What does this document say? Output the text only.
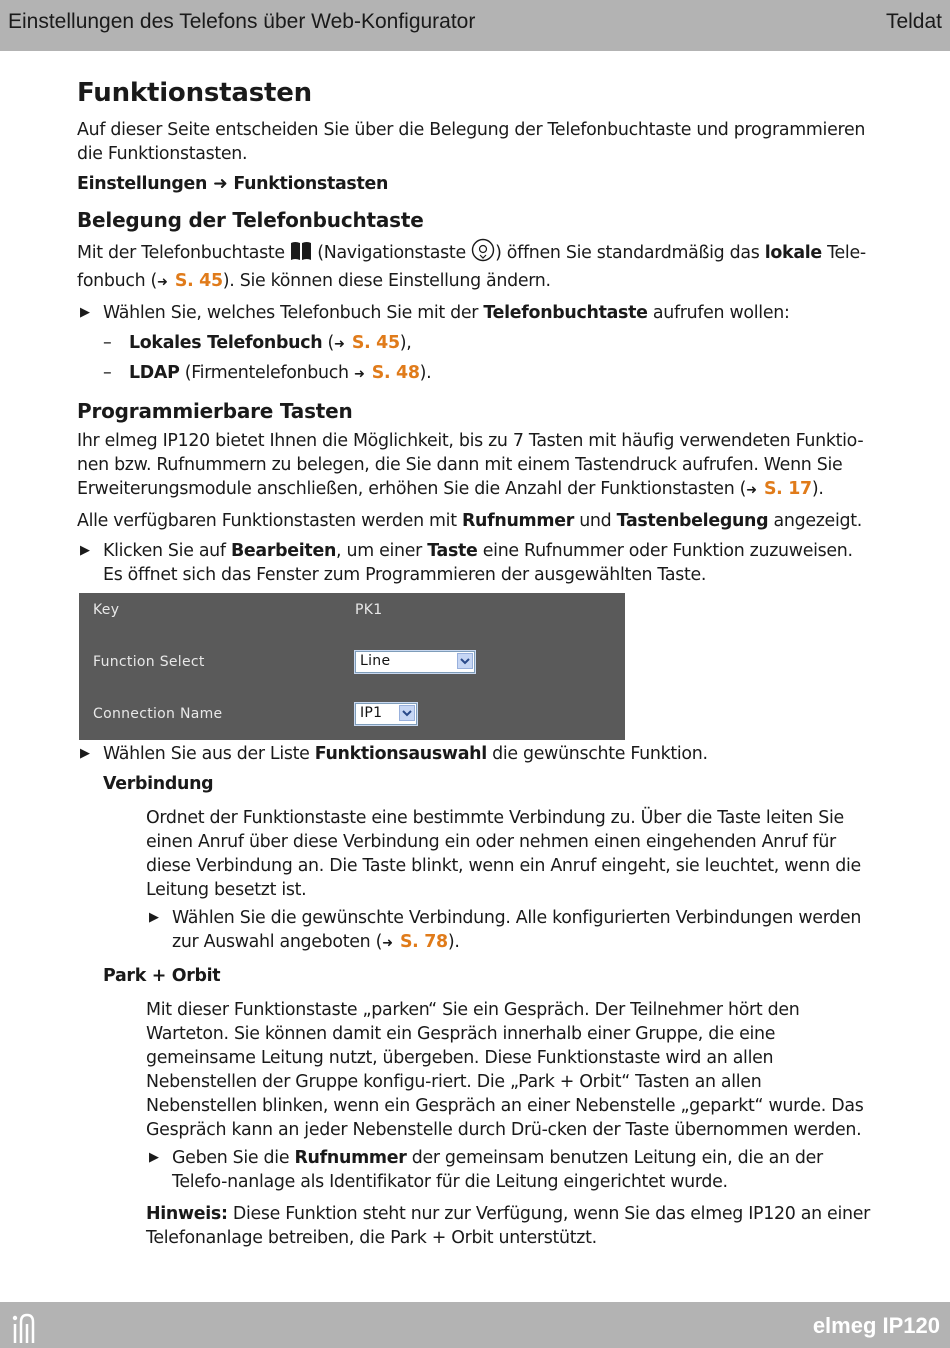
Einstellungen des Telefons über Web-Konfigurator	Teldat
Funktionstasten

Auf dieser Seite entscheiden Sie über die Belegung der Telefonbuchtaste und programmieren die Funktionstasten.

Einstellungen ➜ Funktionstasten
Belegung der Telefonbuchtaste

Mit der Telefonbuchtaste (Navigationstaste ) öffnen Sie standardmäßig das lokale Tele-fonbuch (➜ S. 45). Sie können diese Einstellung ändern.

▶ Wählen Sie, welches Telefonbuch Sie mit der Telefonbuchtaste aufrufen wollen:
– Lokales Telefonbuch (➜ S. 45),
– LDAP (Firmentelefonbuch ➜ S. 48).
Programmierbare Tasten

Ihr elmeg IP120 bietet Ihnen die Möglichkeit, bis zu 7 Tasten mit häufig verwendeten Funktio-nen bzw. Rufnummern zu belegen, die Sie dann mit einem Tastendruck aufrufen. Wenn Sie Erweiterungsmodule anschließen, erhöhen Sie die Anzahl der Funktionstasten (➜ S. 17).

Alle verfügbaren Funktionstasten werden mit Rufnummer und Tastenbelegung angezeigt.

▶ Klicken Sie auf Bearbeiten, um einer Taste eine Rufnummer oder Funktion zuzuweisen. Es öffnet sich das Fenster zum Programmieren der ausgewählten Taste.
Key	PK1
Function Select	Line
Connection Name	IP1
▶ Wählen Sie aus der Liste Funktionsauswahl die gewünschte Funktion.
Verbindung

Ordnet der Funktionstaste eine bestimmte Verbindung zu. Über die Taste leiten Sie einen Anruf über diese Verbindung ein oder nehmen einen eingehenden Anruf für diese Verbindung an. Die Taste blinkt, wenn ein Anruf eingeht, sie leuchtet, wenn die Leitung besetzt ist.

▶ Wählen Sie die gewünschte Verbindung. Alle konfigurierten Verbindungen werden zur Auswahl angeboten (➜ S. 78).
Park + Orbit

Mit dieser Funktionstaste „parken“ Sie ein Gespräch. Der Teilnehmer hört den Warteton. Sie können damit ein Gespräch innerhalb einer Gruppe, die eine gemeinsame Leitung nutzt, übergeben. Diese Funktionstaste wird an allen Nebenstellen der Gruppe konfigu-riert. Die „Park + Orbit“ Tasten an allen Nebenstellen blinken, wenn ein Gespräch an einer Nebenstelle „geparkt“ wurde. Das Gespräch kann an jeder Nebenstelle durch Drü-cken der Taste übernommen werden.

▶ Geben Sie die Rufnummer der gemeinsam benutzen Leitung ein, die an der Telefo-nanlage als Identifikator für die Leitung eingerichtet wurde.

Hinweis: Diese Funktion steht nur zur Verfügung, wenn Sie das elmeg IP120 an einer Telefonanlage betreiben, die Park + Orbit unterstützt.

elmeg IP120
